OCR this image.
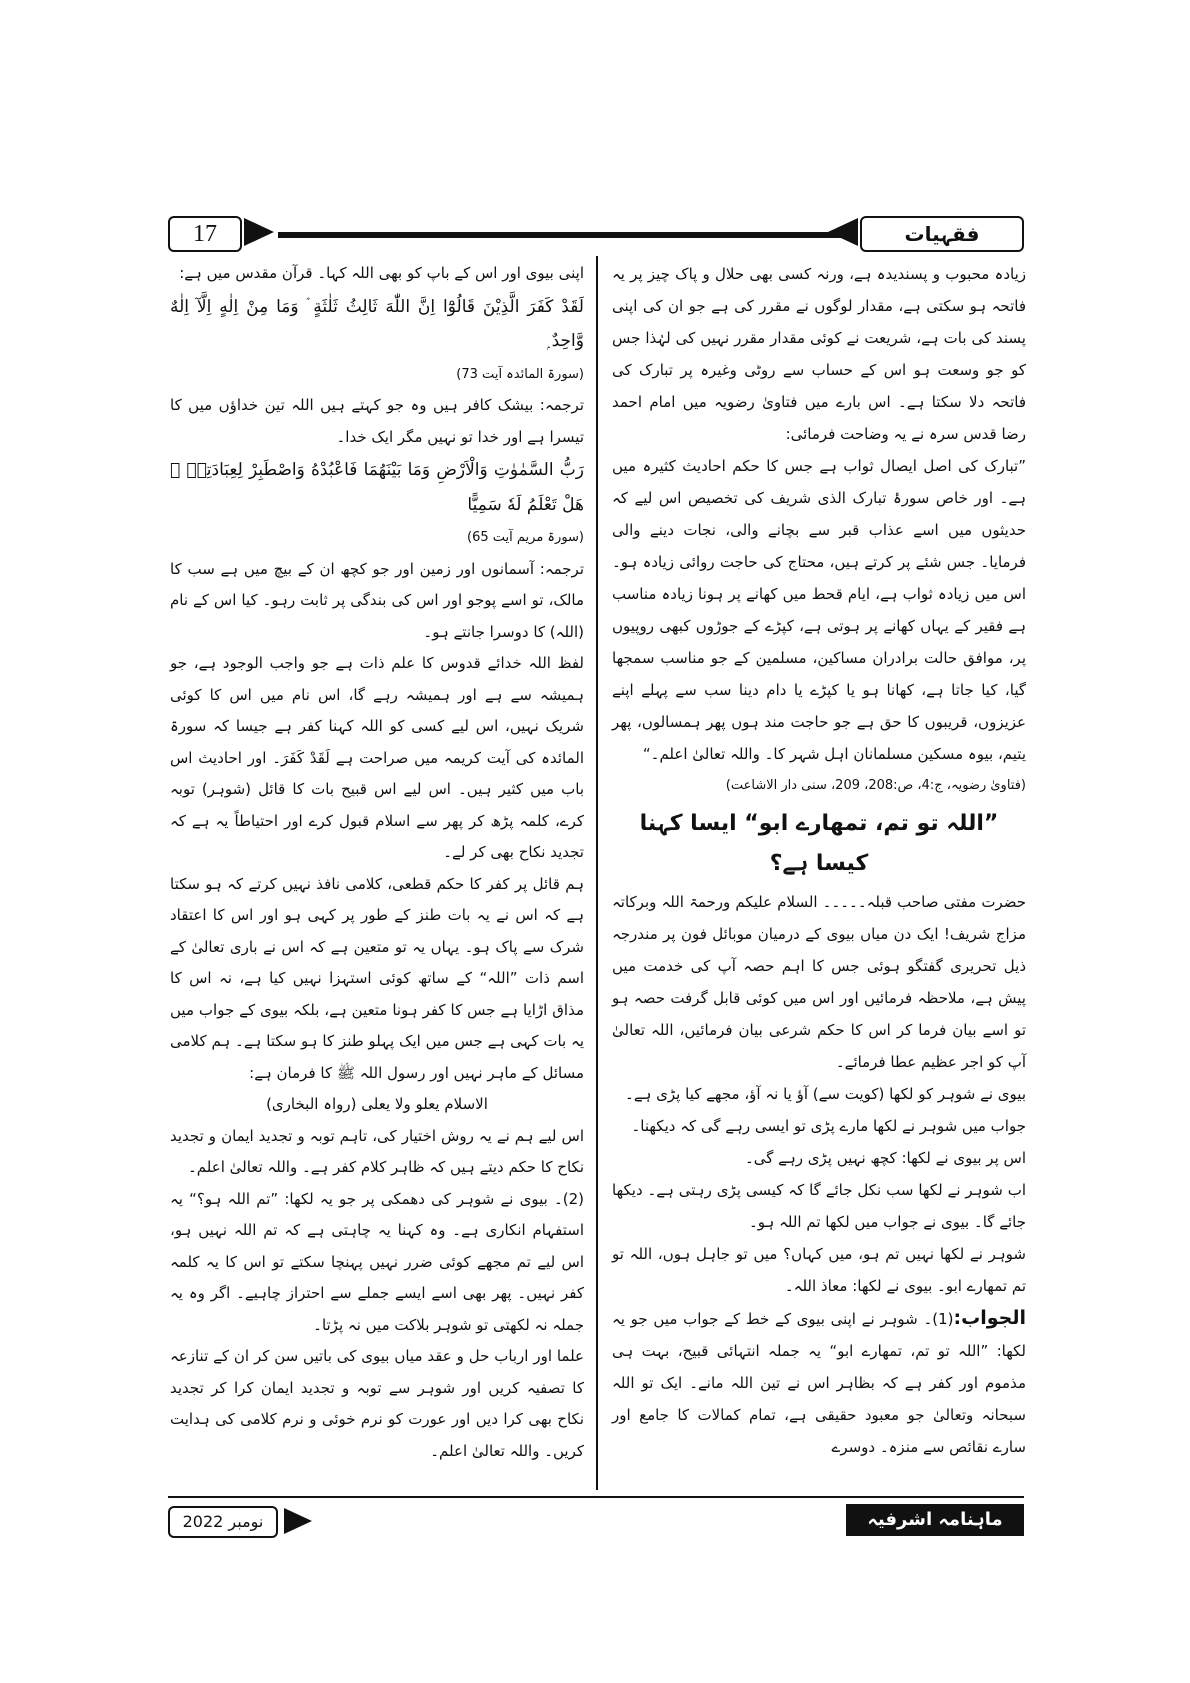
17	فقہیات

زیادہ محبوب و پسندیدہ ہے، ورنہ کسی بھی حلال و پاک چیز پر یہ فاتحہ ہو سکتی ہے، مقدار لوگوں نے مقرر کی ہے جو ان کی اپنی پسند کی بات ہے، شریعت نے کوئی مقدار مقرر نہیں کی لہٰذا جس کو جو وسعت ہو اس کے حساب سے روٹی وغیرہ پر تبارک کی فاتحہ دلا سکتا ہے۔ اس بارے میں فتاویٰ رضویہ میں امام احمد رضا قدس سرہ نے یہ وضاحت فرمائی:

”تبارک کی اصل ایصال ثواب ہے جس کا حکم احادیث کثیرہ میں ہے۔ اور خاص سورۂ تبارک الذی شریف کی تخصیص اس لیے کہ حدیثوں میں اسے عذاب قبر سے بچانے والی، نجات دینے والی فرمایا۔ جس شئے پر کرتے ہیں، محتاج کی حاجت روائی زیادہ ہو۔ اس میں زیادہ ثواب ہے، ایام قحط میں کھانے پر ہونا زیادہ مناسب ہے فقیر کے یہاں کھانے پر ہوتی ہے، کپڑے کے جوڑوں کبھی روپیوں پر، موافق حالت برادران مساکین، مسلمین کے جو مناسب سمجھا گیا، کیا جاتا ہے، کھانا ہو یا کپڑے یا دام دینا سب سے پہلے اپنے عزیزوں، قریبوں کا حق ہے جو حاجت مند ہوں پھر ہمسالوں، پھر یتیم، بیوہ مسکین مسلمانان اہل شہر کا۔ واللہ تعالیٰ اعلم۔“

(فتاویٰ رضویہ، ج:4، ص:208، 209، سنی دار الاشاعت)

”اللہ تو تم، تمھارے ابو“ ایسا کہنا کیسا ہے؟

حضرت مفتی صاحب قبلہ۔۔۔۔۔ السلام علیکم ورحمۃ اللہ وبرکاتہ مزاج شریف! ایک دن میاں بیوی کے درمیان موبائل فون پر مندرجہ ذیل تحریری گفتگو ہوئی جس کا اہم حصہ آپ کی خدمت میں پیش ہے، ملاحظہ فرمائیں اور اس میں کوئی قابل گرفت حصہ ہو تو اسے بیان فرما کر اس کا حکم شرعی بیان فرمائیں، اللہ تعالیٰ آپ کو اجر عظیم عطا فرمائے۔

بیوی نے شوہر کو لکھا (کویت سے) آؤ یا نہ آؤ، مجھے کیا پڑی ہے۔

جواب میں شوہر نے لکھا مارے پڑی تو ایسی رہے گی کہ دیکھنا۔

اس پر بیوی نے لکھا: کچھ نہیں پڑی رہے گی۔

اب شوہر نے لکھا سب نکل جائے گا کہ کیسی پڑی رہتی ہے۔ دیکھا جائے گا۔ بیوی نے جواب میں لکھا تم اللہ ہو۔

شوہر نے لکھا نہیں تم ہو، میں کہاں؟ میں تو جاہل ہوں، اللہ تو تم تمھارے ابو۔ بیوی نے لکھا: معاذ اللہ۔

الجواب:(1)۔ شوہر نے اپنی بیوی کے خط کے جواب میں جو یہ لکھا: ”اللہ تو تم، تمھارے ابو“ یہ جملہ انتہائی قبیح، بہت ہی مذموم اور کفر ہے کہ بظاہر اس نے تین اللہ مانے۔ ایک تو اللہ سبحانہ وتعالیٰ جو معبود حقیقی ہے، تمام کمالات کا جامع اور سارے نقائص سے منزہ۔ دوسرے

اپنی بیوی اور اس کے باپ کو بھی اللہ کہا۔ قرآن مقدس میں ہے:

لَقَدْ كَفَرَ الَّذِيْنَ قَالُوْٓا اِنَّ اللّٰهَ ثَالِثُ ثَلٰثَةٍ ۘ وَمَا مِنْ اِلٰهٍ اِلَّآ اِلٰهٌ وَّاحِدٌ ۭ

(سورۃ المائدہ آیت 73)

ترجمہ: بیشک کافر ہیں وہ جو کہتے ہیں اللہ تین خداؤں میں کا تیسرا ہے اور خدا تو نہیں مگر ایک خدا۔

رَبُّ السَّمٰوٰتِ وَالْاَرْضِ وَمَا بَيْنَهُمَا فَاعْبُدْهُ وَاصْطَبِرْ لِعِبَادَتِهٖ ۭ هَلْ تَعْلَمُ لَهٗ سَمِيًّا

(سورۃ مریم آیت 65)

ترجمہ: آسمانوں اور زمین اور جو کچھ ان کے بیچ میں ہے سب کا مالک، تو اسے پوجو اور اس کی بندگی پر ثابت رہو۔ کیا اس کے نام (اللہ) کا دوسرا جانتے ہو۔

لفظ اللہ خدائے قدوس کا علم ذات ہے جو واجب الوجود ہے، جو ہمیشہ سے ہے اور ہمیشہ رہے گا، اس نام میں اس کا کوئی شریک نہیں، اس لیے کسی کو اللہ کہنا کفر ہے جیسا کہ سورۃ المائدہ کی آیت کریمہ میں صراحت ہے لَقَدْ كَفَرَ۔ اور احادیث اس باب میں کثیر ہیں۔ اس لیے اس قبیح بات کا قائل (شوہر) توبہ کرے، کلمہ پڑھ کر پھر سے اسلام قبول کرے اور احتیاطاً یہ ہے کہ تجدید نکاح بھی کر لے۔

ہم قائل پر کفر کا حکم قطعی، کلامی نافذ نہیں کرتے کہ ہو سکتا ہے کہ اس نے یہ بات طنز کے طور پر کہی ہو اور اس کا اعتقاد شرک سے پاک ہو۔ یہاں یہ تو متعین ہے کہ اس نے باری تعالیٰ کے اسم ذات ”اللہ“ کے ساتھ کوئی استہزا نہیں کیا ہے، نہ اس کا مذاق اڑایا ہے جس کا کفر ہونا متعین ہے، بلکہ بیوی کے جواب میں یہ بات کہی ہے جس میں ایک پہلو طنز کا ہو سکتا ہے۔ ہم کلامی مسائل کے ماہر نہیں اور رسول اللہ ﷺ کا فرمان ہے:

الاسلام يعلو ولا يعلى (رواہ البخاری)

اس لیے ہم نے یہ روش اختیار کی، تاہم توبہ و تجدید ایمان و تجدید نکاح کا حکم دیتے ہیں کہ ظاہر کلام کفر ہے۔ واللہ تعالیٰ اعلم۔

(2)۔ بیوی نے شوہر کی دھمکی پر جو یہ لکھا: ”تم اللہ ہو؟“ یہ استفہام انکاری ہے۔ وہ کہنا یہ چاہتی ہے کہ تم اللہ نہیں ہو، اس لیے تم مجھے کوئی ضرر نہیں پہنچا سکتے تو اس کا یہ کلمہ کفر نہیں۔ پھر بھی اسے ایسے جملے سے احتراز چاہیے۔ اگر وہ یہ جملہ نہ لکھتی تو شوہر بلاکت میں نہ پڑتا۔

علما اور ارباب حل و عقد میاں بیوی کی باتیں سن کر ان کے تنازعہ کا تصفیہ کریں اور شوہر سے توبہ و تجدید ایمان کرا کر تجدید نکاح بھی کرا دیں اور عورت کو نرم خوئی و نرم کلامی کی ہدایت کریں۔ واللہ تعالیٰ اعلم۔

نومبر 2022	ماہنامہ اشرفیہ
